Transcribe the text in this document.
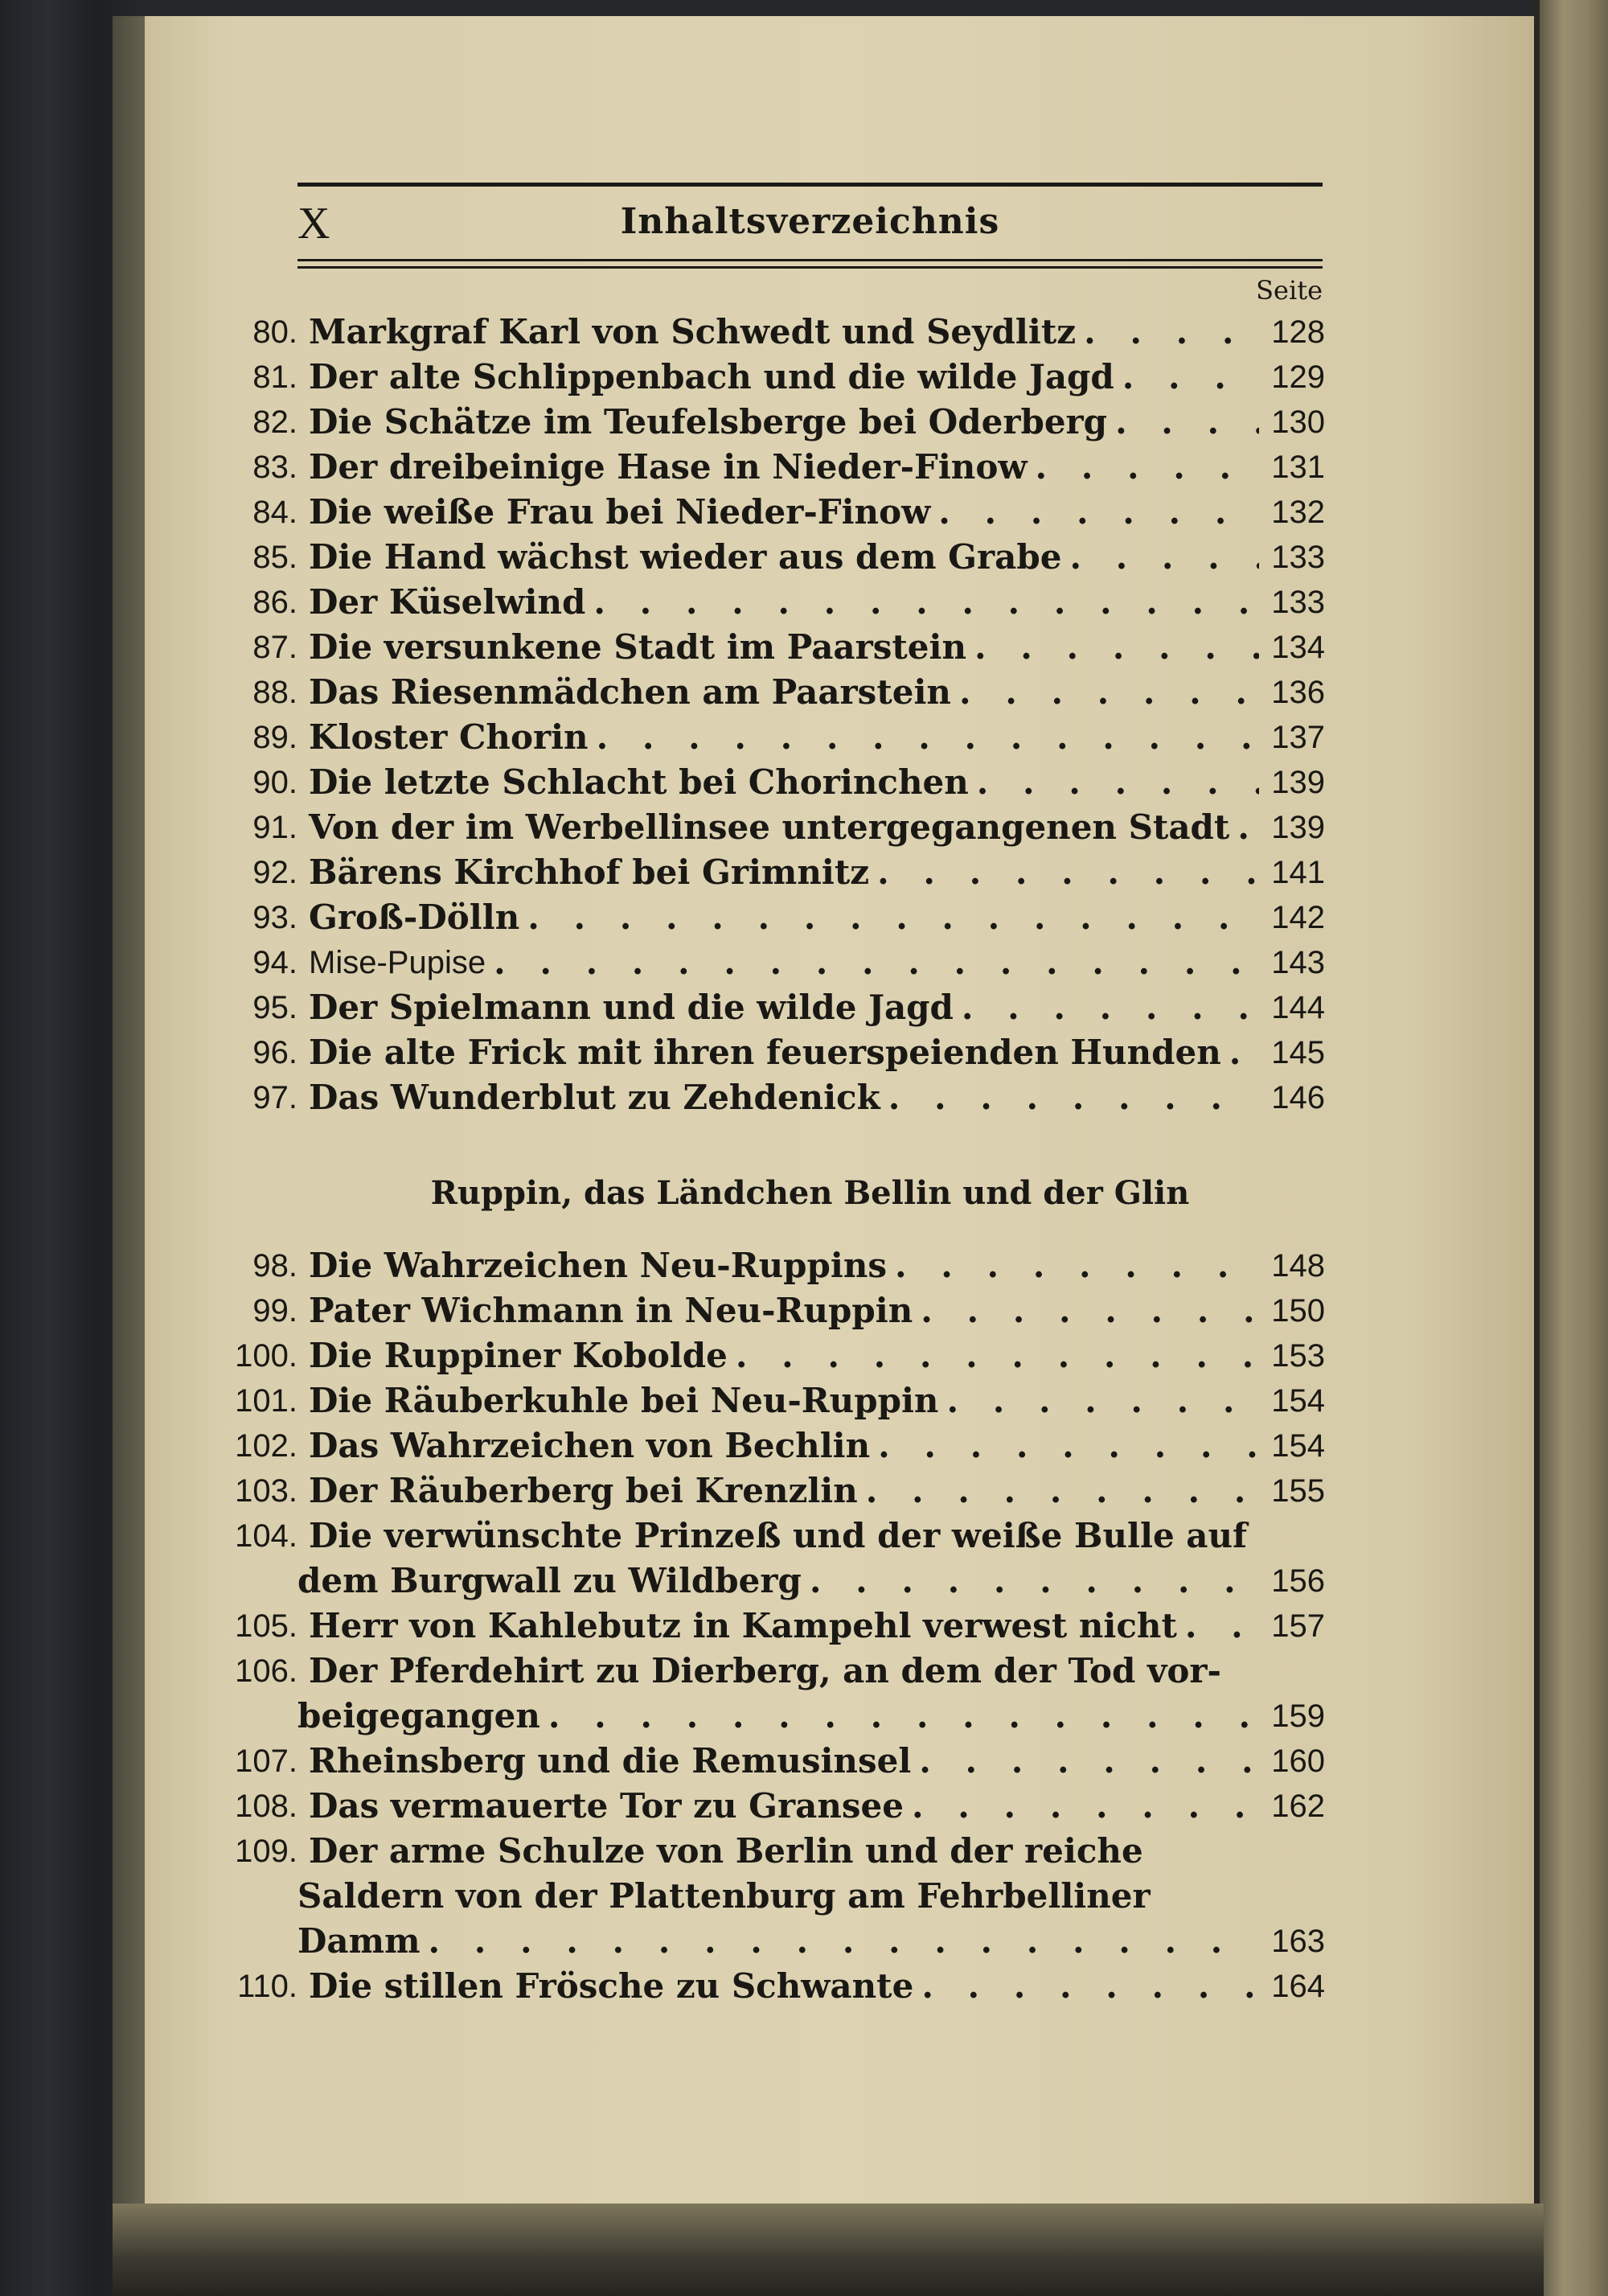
X	Inhaltsverzeichnis
Seite
80. Markgraf Karl von Schwedt und Seydlitz . . .	128
81. Der alte Schlippenbach und die wilde Jagd . . .	129
82. Die Schätze im Teufelsberge bei Oderberg . . .	130
83. Der dreibeinige Hase in Nieder-Finow . . .	131
84. Die weiße Frau bei Nieder-Finow . . .	132
85. Die Hand wächst wieder aus dem Grabe . . .	133
86. Der Küselwind . . .	133
87. Die versunkene Stadt im Paarstein . . .	134
88. Das Riesenmädchen am Paarstein . . .	136
89. Kloster Chorin . . .	137
90. Die letzte Schlacht bei Chorinchen . . .	139
91. Von der im Werbellinsee untergegangenen Stadt . . . 139
92. Bärens Kirchhof bei Grimnitz . . .	141
93. Groß-Dölln . . .	142
94. Mise-Pupise . . .	143
95. Der Spielmann und die wilde Jagd . . .	144
96. Die alte Frick mit ihren feuerspeienden Hunden . . . 145
97. Das Wunderblut zu Zehdenick . . .	146
Ruppin, das Ländchen Bellin und der Glin
98. Die Wahrzeichen Neu-Ruppins . . .	148
99. Pater Wichmann in Neu-Ruppin . . .	150
100. Die Ruppiner Kobolde . . .	153
101. Die Räuberkuhle bei Neu-Ruppin . . .	154
102. Das Wahrzeichen von Bechlin . . .	154
103. Der Räuberberg bei Krenzlin . . .	155
104. Die verwünschte Prinzeß und der weiße Bulle auf
dem Burgwall zu Wildberg . . .	156
105. Herr von Kahlebutz in Kampehl verwest nicht . . .	157
106. Der Pferdehirt zu Dierberg, an dem der Tod vor-
beigegangen . . .	159
107. Rheinsberg und die Remusinsel . . .	160
108. Das vermauerte Tor zu Gransee . . .	162
109. Der arme Schulze von Berlin und der reiche
Saldern von der Plattenburg am Fehrbelliner
Damm . . .	163
110. Die stillen Frösche zu Schwante . . .	164
